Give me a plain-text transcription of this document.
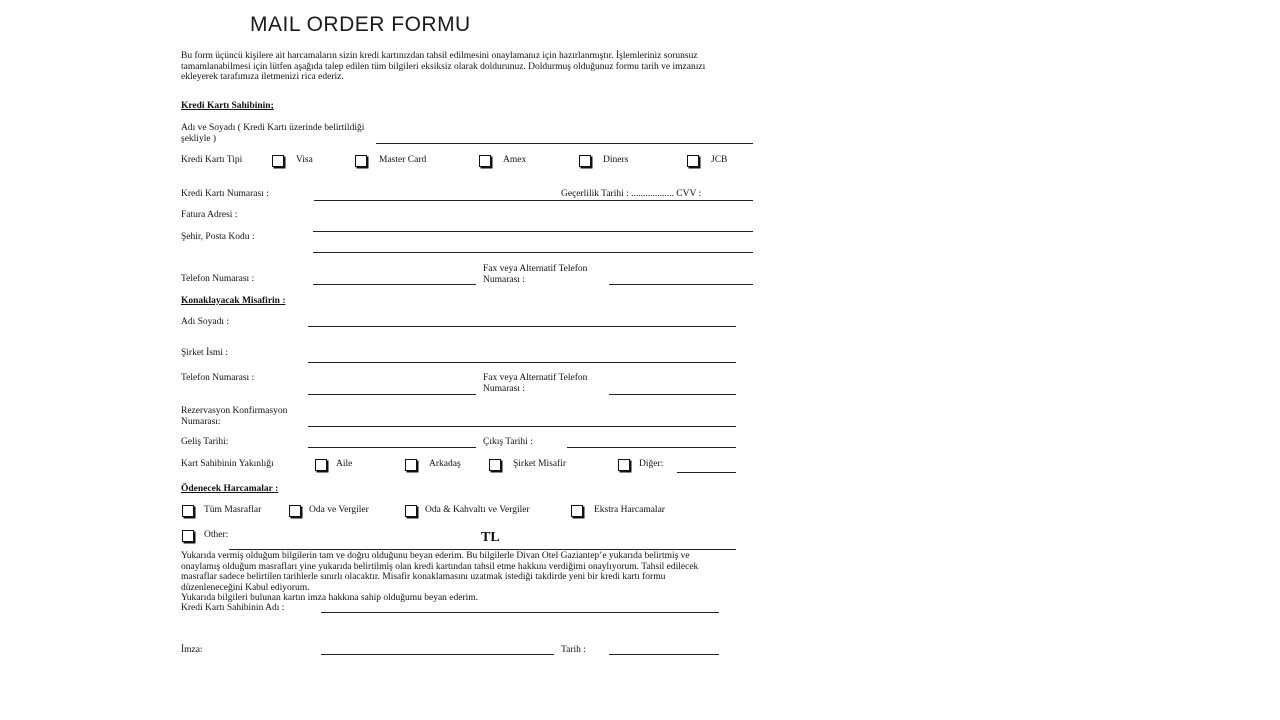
MAIL ORDER FORMU

Bu form üçüncü kişilere ait harcamaların sizin kredi kartınızdan tahsil edilmesini onaylamanız için hazırlanmıştır. İşlemleriniz sorunsuz

tamamlanabilmesi için lütfen aşağıda talep edilen tüm bilgileri eksiksiz olarak doldurunuz. Doldurmuş olduğunuz formu tarih ve imzanızı

ekleyerek tarafımıza iletmenizi rica ederiz.

Kredi Kartı Sahibinin;
Adı ve Soyadı ( Kredi Kartı üzerinde belirtildiği
şekliyle )
Kredi Kartı Tipi	Visa	Master Card	Amex	Diners	JCB
Kredi Kartı Numarası :	Geçerlilik Tarihi : .................. CVV :
Fatura Adresi :
Şehir, Posta Kodu :
Telefon Numarası :
Fax veya Alternatif Telefon
Numarası :
Konaklayacak Misafirin :
Adı Soyadı :
Şirket İsmi :
Telefon Numarası :	Fax veya Alternatif Telefon
Numarası :
Rezervasyon Konfirmasyon
Numarası:
Geliş Tarihi:	Çıkış Tarihi :
Kart Sahibinin Yakınlığı	Aile	Arkadaş	Şirket Misafir	Diğer:
Ödenecek Harcamalar :
Tüm Masraflar	Oda ve Vergiler	Oda & Kahvaltı ve Vergiler	Ekstra Harcamalar
Other:	TL
Yukarıda vermiş olduğum bilgilerin tam ve doğru olduğunu beyan ederim. Bu bilgilerle Divan Otel Gaziantep’e yukarıda belirtmiş ve
onaylamış olduğum masrafları yine yukarıda belirtilmiş olan kredi kartından tahsil etme hakkını verdiğimi onaylıyorum. Tahsil edilecek
masraflar sadece belirtilen tarihlerle sınırlı olacaktır. Misafir konaklamasını uzatmak istediği takdirde yeni bir kredi kartı formu
düzenleneceğini Kabul ediyorum.
Yukarıda bilgileri bulunan kartın imza hakkına sahip olduğumu beyan ederim.
Kredi Kartı Sahibinin Adı :
İmza:	Tarih :
